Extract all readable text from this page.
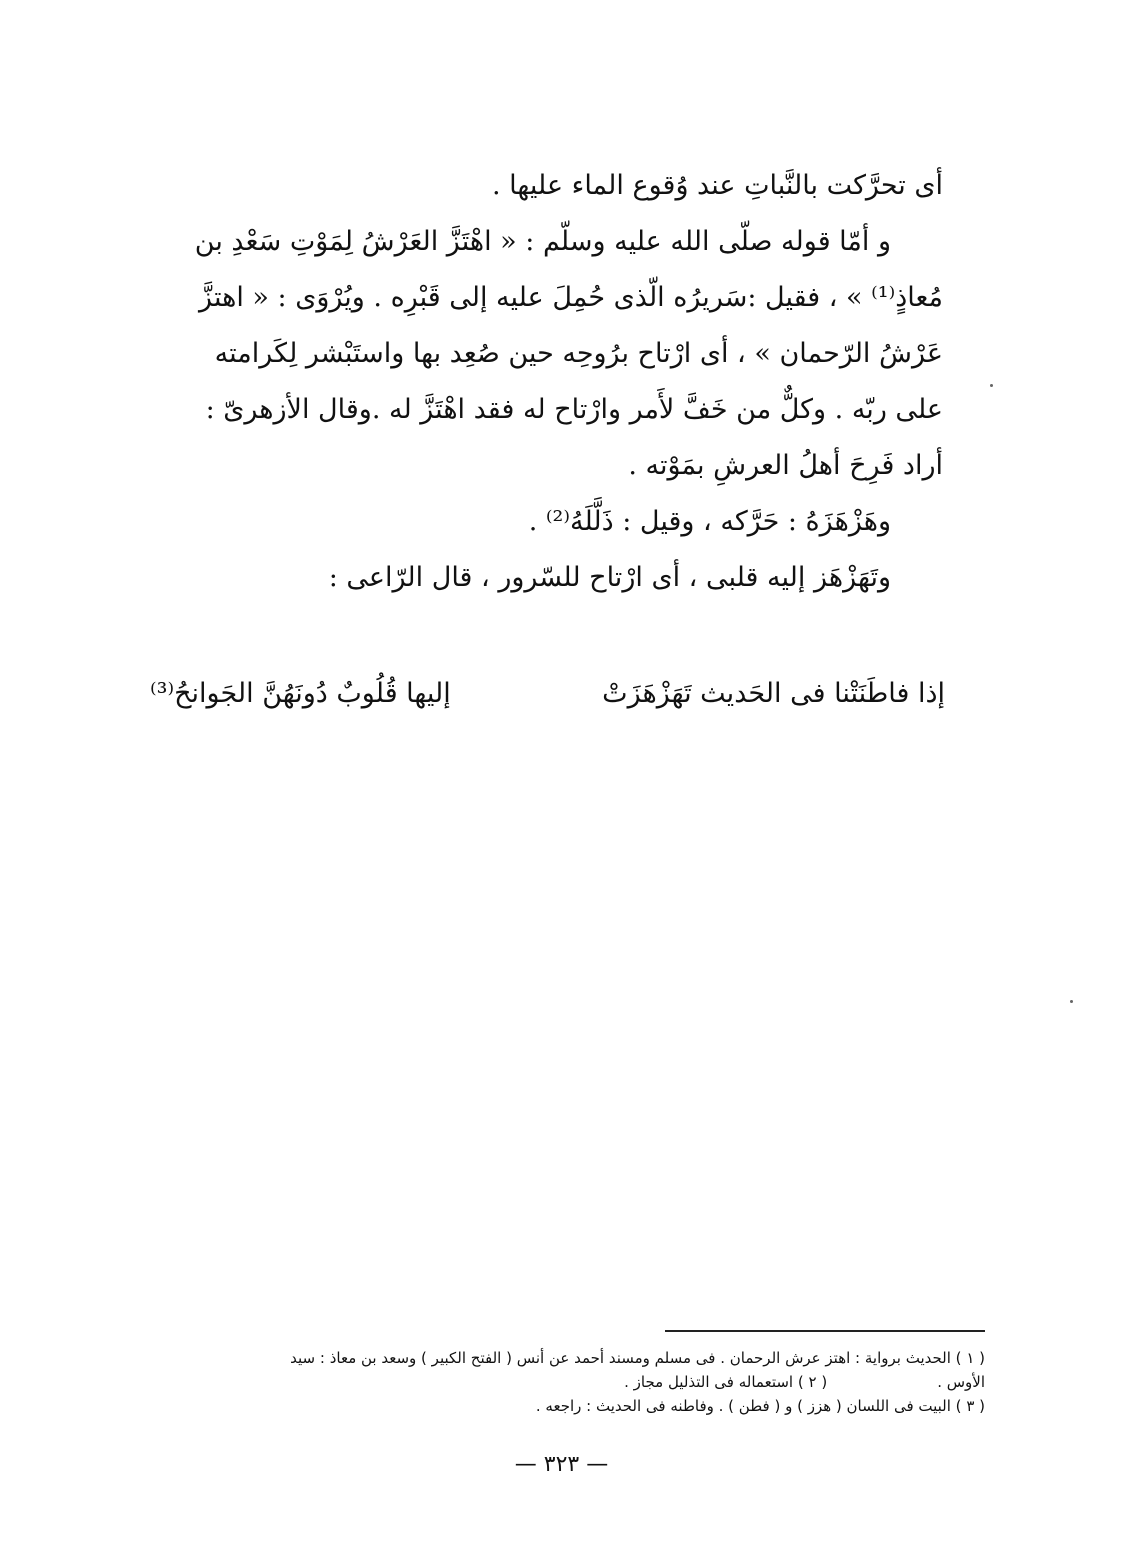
أى تحرَّكت بالنَّباتِ عند وُقوع الماء عليها .
و أمّا قوله صلّى الله عليه وسلّم : « اهْتَزَّ العَرْشُ لِمَوْتِ سَعْدِ بن
مُعاذٍ⁽¹⁾ » ، فقيل :سَريرُه الّذى حُمِلَ عليه إلى قَبْرِه . ويُرْوَى : « اهتزَّ
عَرْشُ الرّحمان » ، أى ارْتاح برُوحِه حين صُعِد بها واستَبْشر لِكَرامته
على ربّه . وكلٌّ من خَفَّ لأَمر وارْتاح له فقد اهْتَزَّ له .وقال الأزهرىّ :
أراد فَرِحَ أهلُ العرشِ بمَوْته .
وهَزْهَزَهُ : حَرَّكه ، وقيل : ذَلَّلَهُ⁽²⁾ .
وتَهَزْهَز إليه قلبى ، أى ارْتاح للسّرور ، قال الرّاعى :
إذا فاطَنَتْنا فى الحَديث تَهَزْهَزَتْ
إليها قُلُوبٌ دُونَهُنَّ الجَوانحُ⁽³⁾
( ١ ) الحديث برواية : اهتز عرش الرحمان . فى مسلم ومسند أحمد عن أنس ( الفتح الكبير ) وسعد بن معاذ : سيد
الأوس .
( ٢ ) استعماله فى التذليل مجاز .
( ٣ ) البيت فى اللسان ( هزز ) و ( فطن ) . وفاطنه فى الحديث : راجعه .
— ٣٢٣ —
